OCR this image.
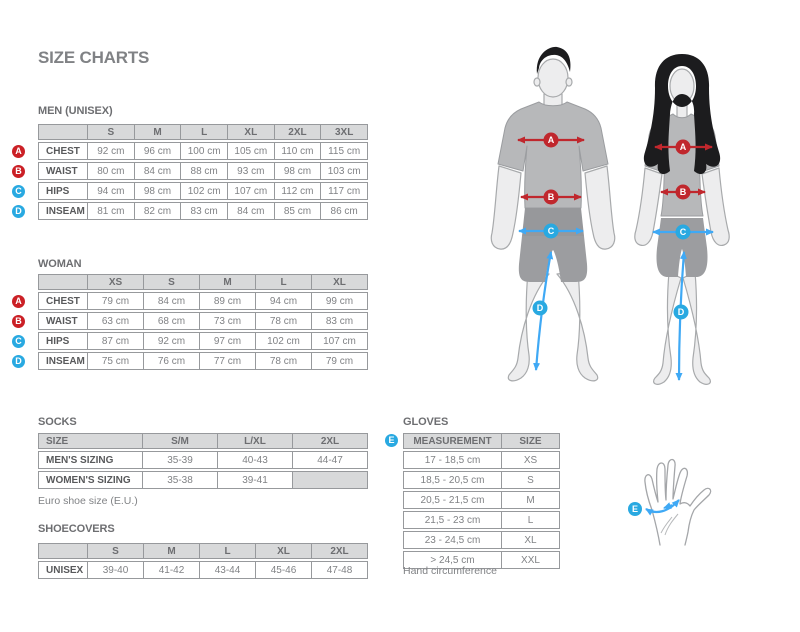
SIZE CHARTS
MEN (UNISEX)
	S	M	L	XL	2XL	3XL
CHEST	92 cm	96 cm	100 cm	105 cm	110 cm	115 cm
WAIST	80 cm	84 cm	88 cm	93 cm	98 cm	103 cm
HIPS	94 cm	98 cm	102 cm	107 cm	112 cm	117 cm
INSEAM	81 cm	82 cm	83 cm	84 cm	85 cm	86 cm
A
B
C
D
WOMAN
	XS	S	M	L	XL
CHEST	79 cm	84 cm	89 cm	94 cm	99 cm
WAIST	63 cm	68 cm	73 cm	78 cm	83 cm
HIPS	87 cm	92 cm	97 cm	102 cm	107 cm
INSEAM	75 cm	76 cm	77 cm	78 cm	79 cm
A
B
C
D
SOCKS
SIZE	S/M	L/XL	2XL
MEN'S SIZING	35-39	40-43	44-47
WOMEN'S SIZING	35-38	39-41	
Euro shoe size (E.U.)
SHOECOVERS
	S	M	L	XL	2XL
UNISEX	39-40	41-42	43-44	45-46	47-48
GLOVES
MEASUREMENT	SIZE
17 - 18,5 cm	XS
18,5 - 20,5 cm	S
20,5 - 21,5 cm	M
21,5 - 23 cm	L
23 - 24,5 cm	XL
> 24,5 cm	XXL
E
Hand circumference
A
B
C
D
A
B
C
D
E
